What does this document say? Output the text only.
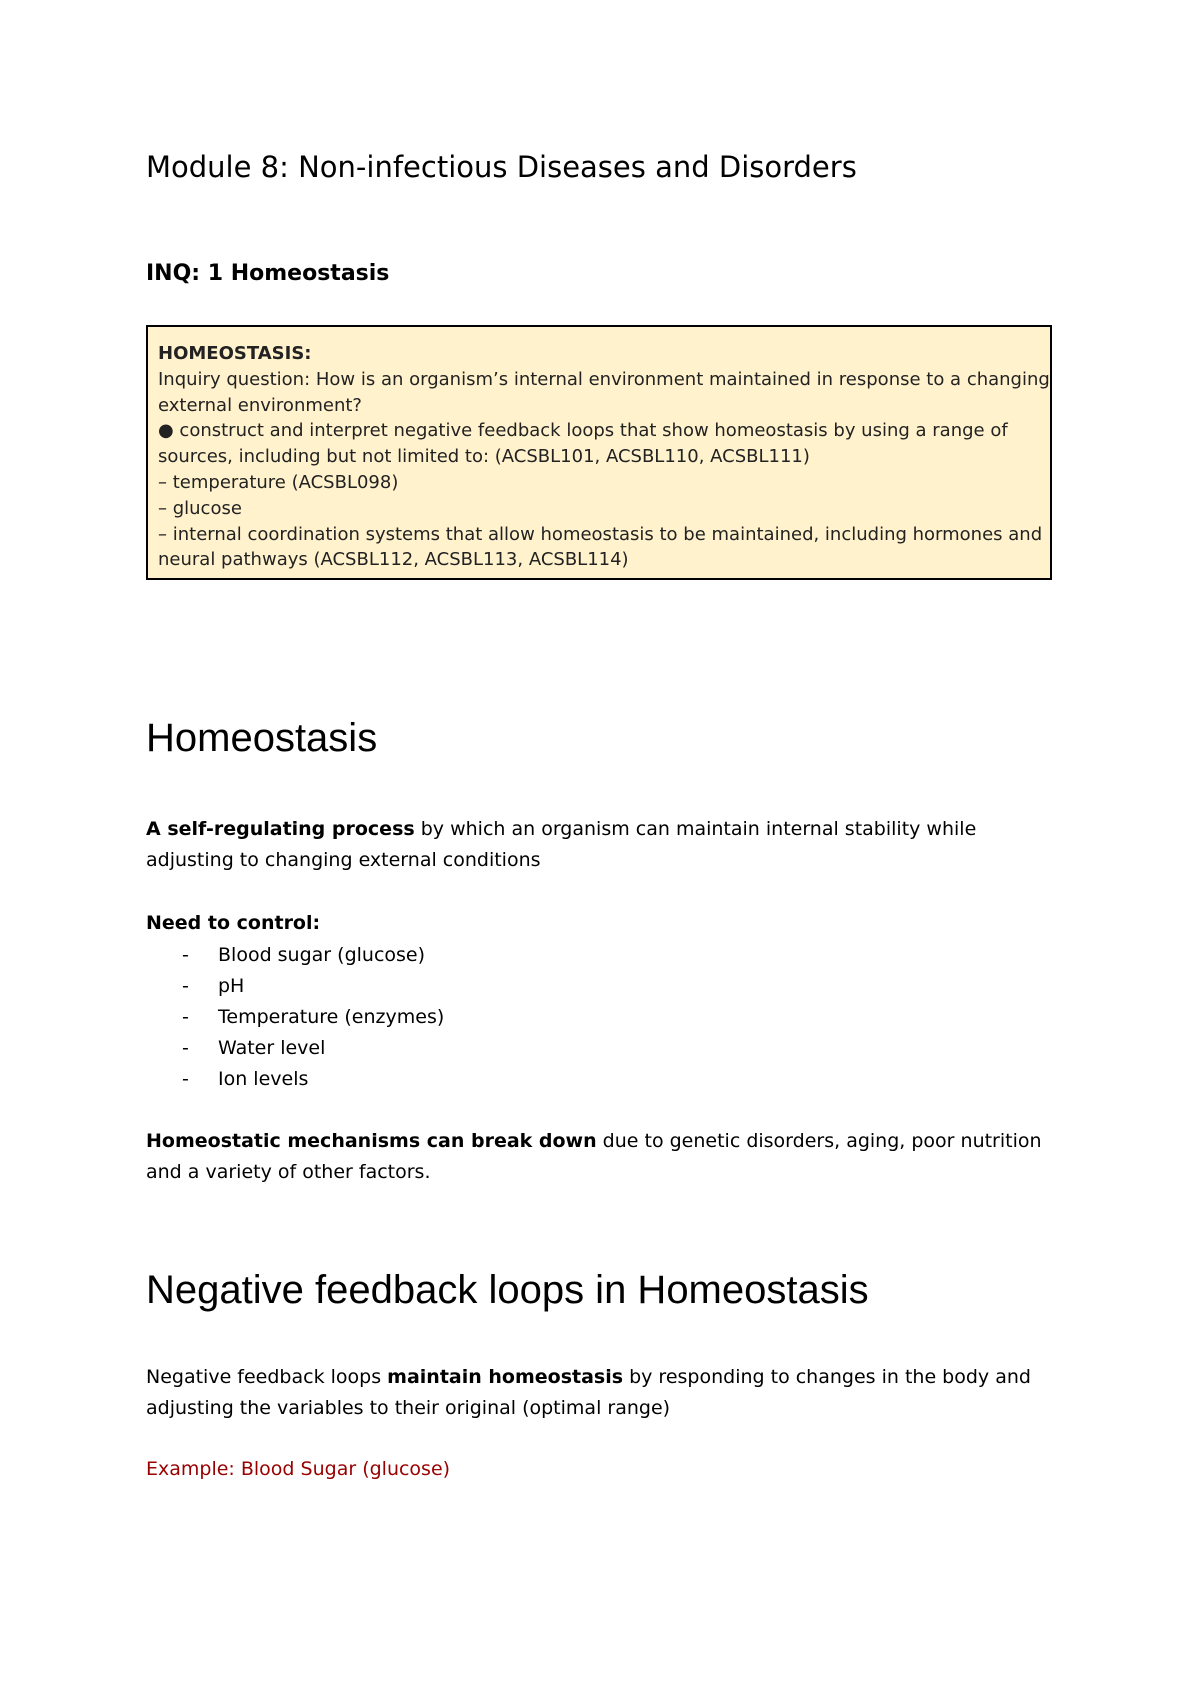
Module 8: Non-infectious Diseases and Disorders
INQ: 1 Homeostasis
HOMEOSTASIS:
Inquiry question: How is an organism’s internal environment maintained in response to a changing
external environment?
● construct and interpret negative feedback loops that show homeostasis by using a range of
sources, including but not limited to: (ACSBL101, ACSBL110, ACSBL111)
– temperature (ACSBL098)
– glucose
– internal coordination systems that allow homeostasis to be maintained, including hormones and
neural pathways (ACSBL112, ACSBL113, ACSBL114)
Homeostasis

A self-regulating process by which an organism can maintain internal stability while adjusting to changing external conditions

Need to control:

- Blood sugar (glucose)
- pH
- Temperature (enzymes)
- Water level
- Ion levels

Homeostatic mechanisms can break down due to genetic disorders, aging, poor nutrition and a variety of other factors.

Negative feedback loops in Homeostasis

Negative feedback loops maintain homeostasis by responding to changes in the body and adjusting the variables to their original (optimal range)

Example: Blood Sugar (glucose)
